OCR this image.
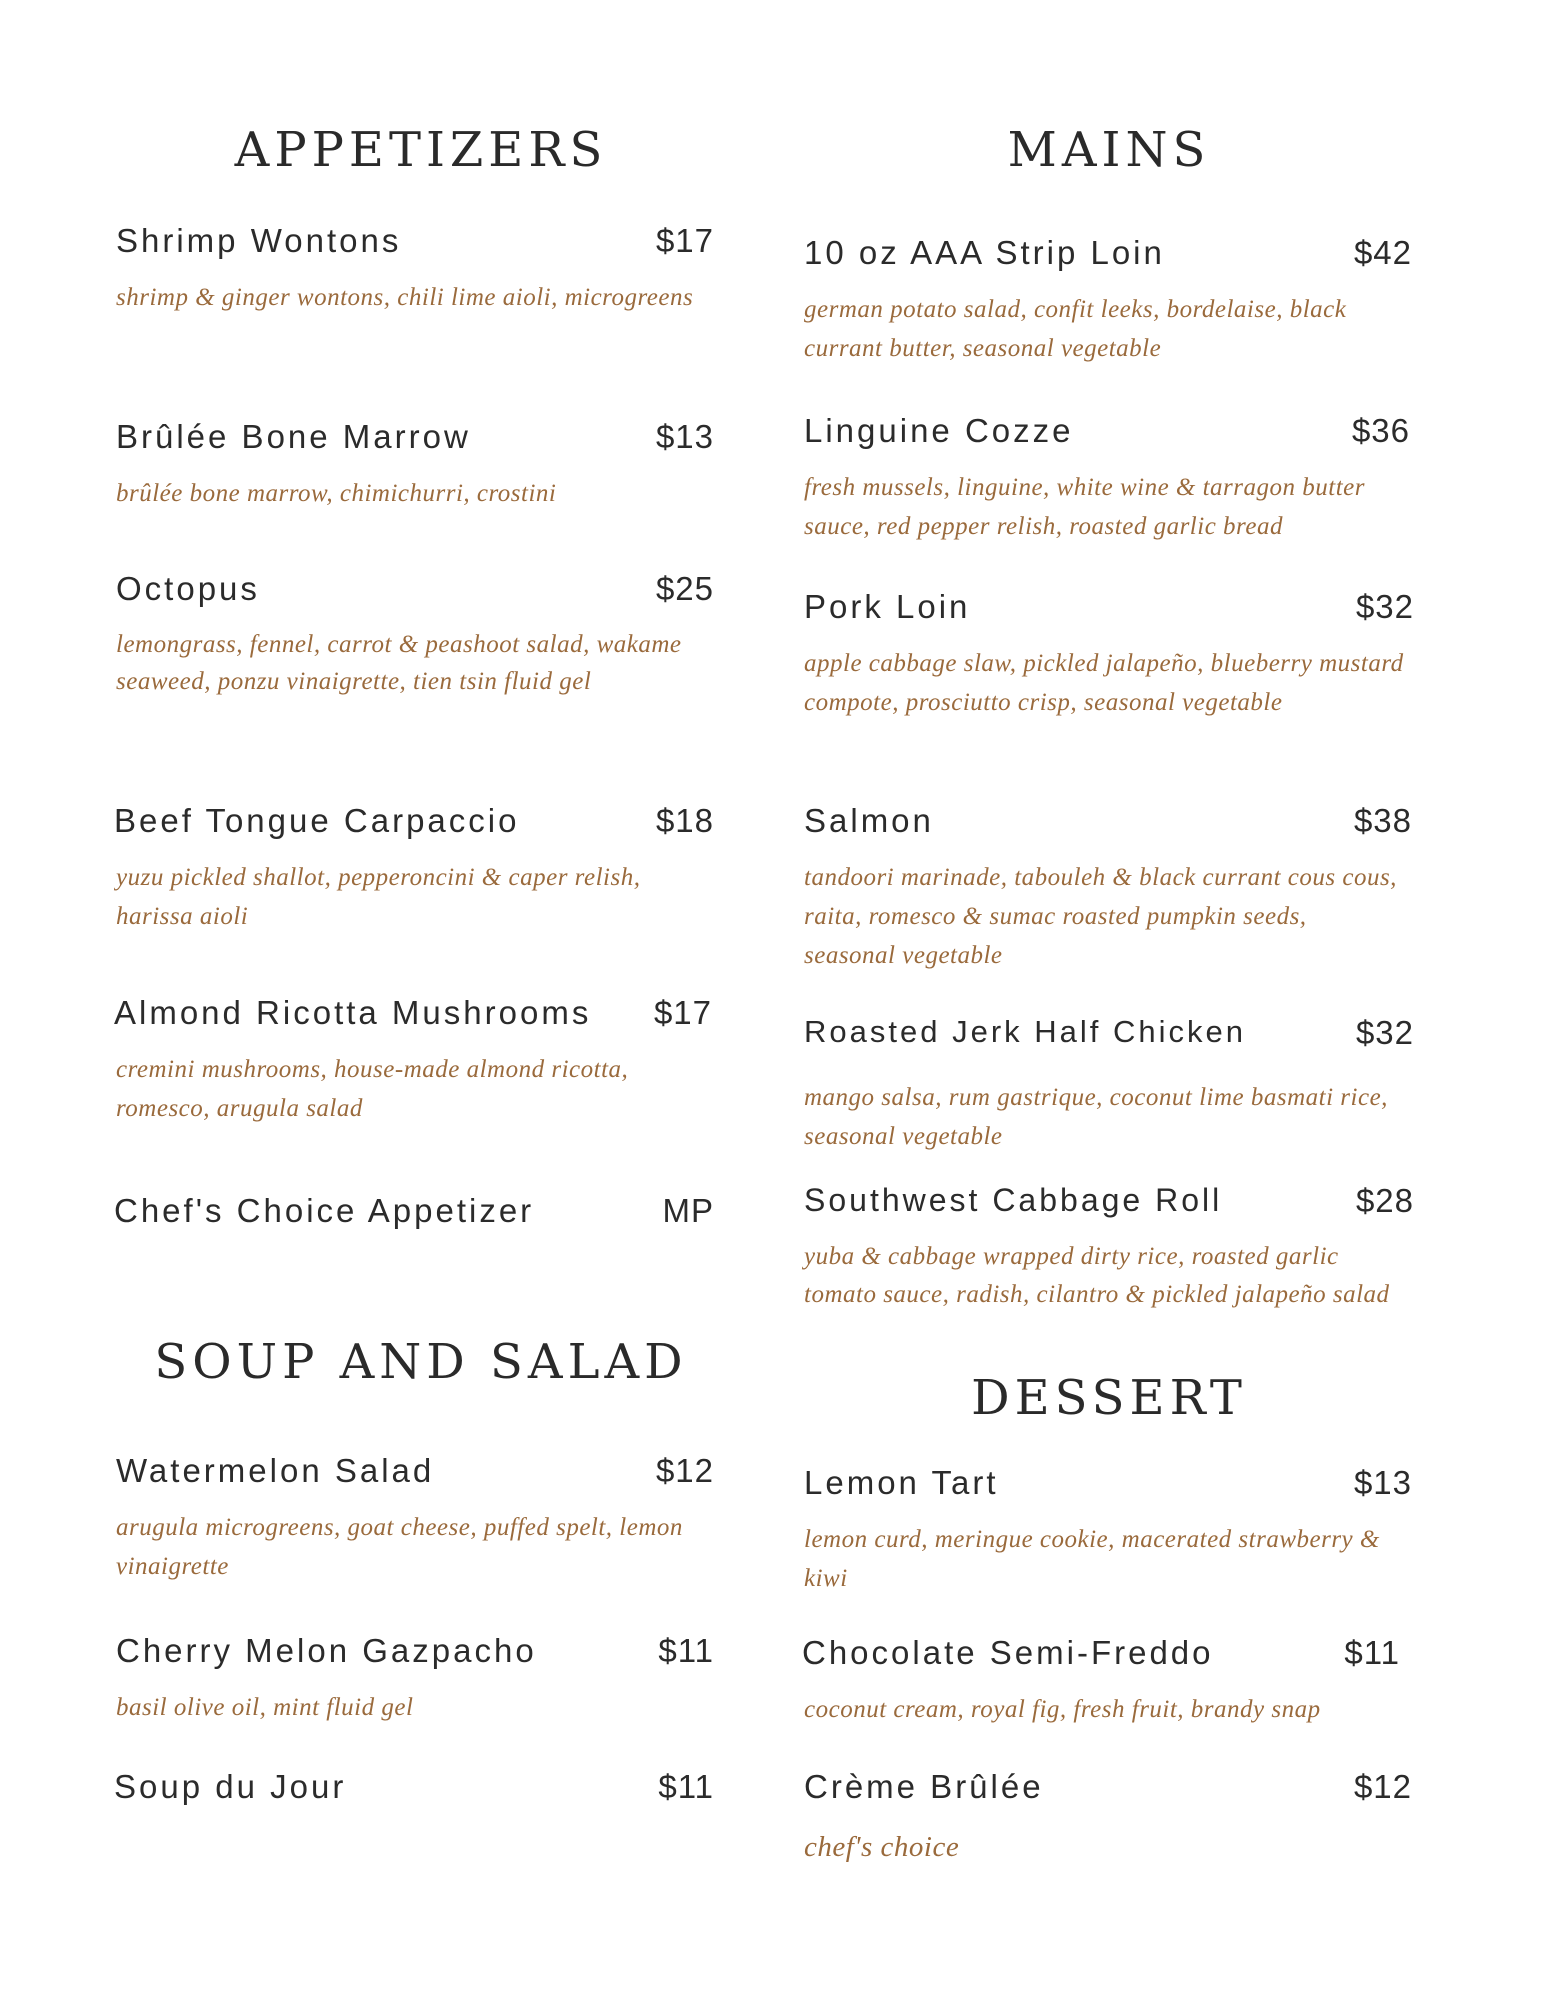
APPETIZERS
Shrimp Wontons	$17
shrimp & ginger wontons, chili lime aioli, microgreens
Brûlée Bone Marrow	$13
brûlée bone marrow, chimichurri, crostini
Octopus	$25
lemongrass, fennel, carrot & peashoot salad, wakame seaweed, ponzu vinaigrette, tien tsin fluid gel
Beef Tongue Carpaccio	$18
yuzu pickled shallot, pepperoncini & caper relish, harissa aioli
Almond Ricotta Mushrooms $17
cremini mushrooms, house-made almond ricotta, romesco, arugula salad
Chef's Choice Appetizer	MP
SOUP AND SALAD
Watermelon Salad	$12
arugula microgreens, goat cheese, puffed spelt, lemon vinaigrette
Cherry Melon Gazpacho	$11
basil olive oil, mint fluid gel
Soup du Jour	$11
MAINS
10 oz AAA Strip Loin	$42
german potato salad, confit leeks, bordelaise, black currant butter, seasonal vegetable
Linguine Cozze	$36
fresh mussels, linguine, white wine & tarragon butter sauce, red pepper relish, roasted garlic bread
Pork Loin	$32
apple cabbage slaw, pickled jalapeño, blueberry mustard compote, prosciutto crisp, seasonal vegetable
Salmon	$38
tandoori marinade, tabouleh & black currant cous cous, raita, romesco & sumac roasted pumpkin seeds, seasonal vegetable
Roasted Jerk Half Chicken	$32
mango salsa, rum gastrique, coconut lime basmati rice, seasonal vegetable
Southwest Cabbage Roll	$28
yuba & cabbage wrapped dirty rice, roasted garlic tomato sauce, radish, cilantro & pickled jalapeño salad
DESSERT
Lemon Tart	$13
lemon curd, meringue cookie, macerated strawberry & kiwi
Chocolate Semi-Freddo	$11
coconut cream, royal fig, fresh fruit, brandy snap
Crème Brûlée	$12
chef's choice
